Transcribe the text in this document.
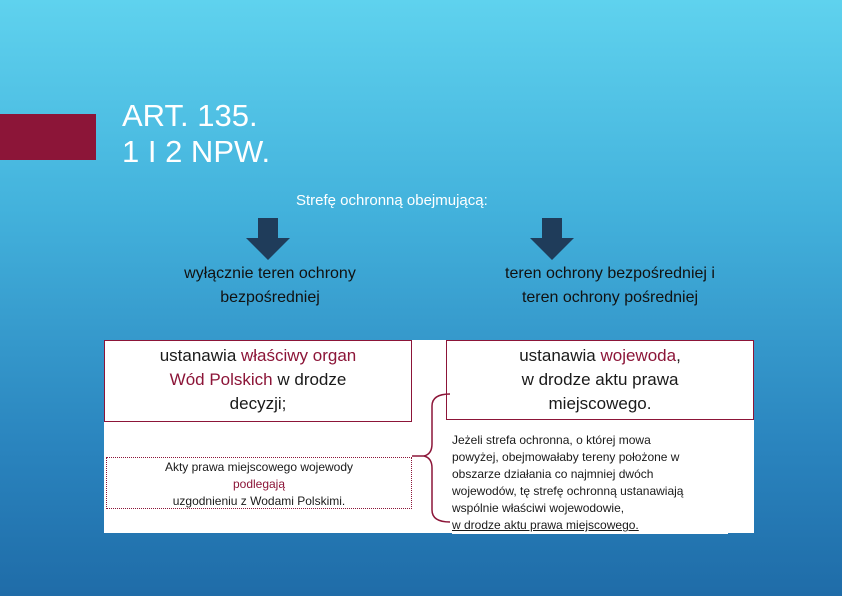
ART. 135.
1 I 2 NPW.
Strefę ochronną obejmującą:
wyłącznie teren ochrony
bezpośredniej
teren ochrony bezpośredniej i
teren ochrony pośredniej
ustanawia właściwy organ
Wód Polskich w drodze
decyzji;
Akty prawa miejscowego wojewody
podlegają
uzgodnieniu z Wodami Polskimi.
ustanawia wojewoda,
w drodze aktu prawa
miejscowego.
Jeżeli strefa ochronna, o której mowa
powyżej, obejmowałaby tereny położone w
obszarze działania co najmniej dwóch
wojewodów, tę strefę ochronną ustanawiają
wspólnie właściwi wojewodowie,
w drodze aktu prawa miejscowego.
